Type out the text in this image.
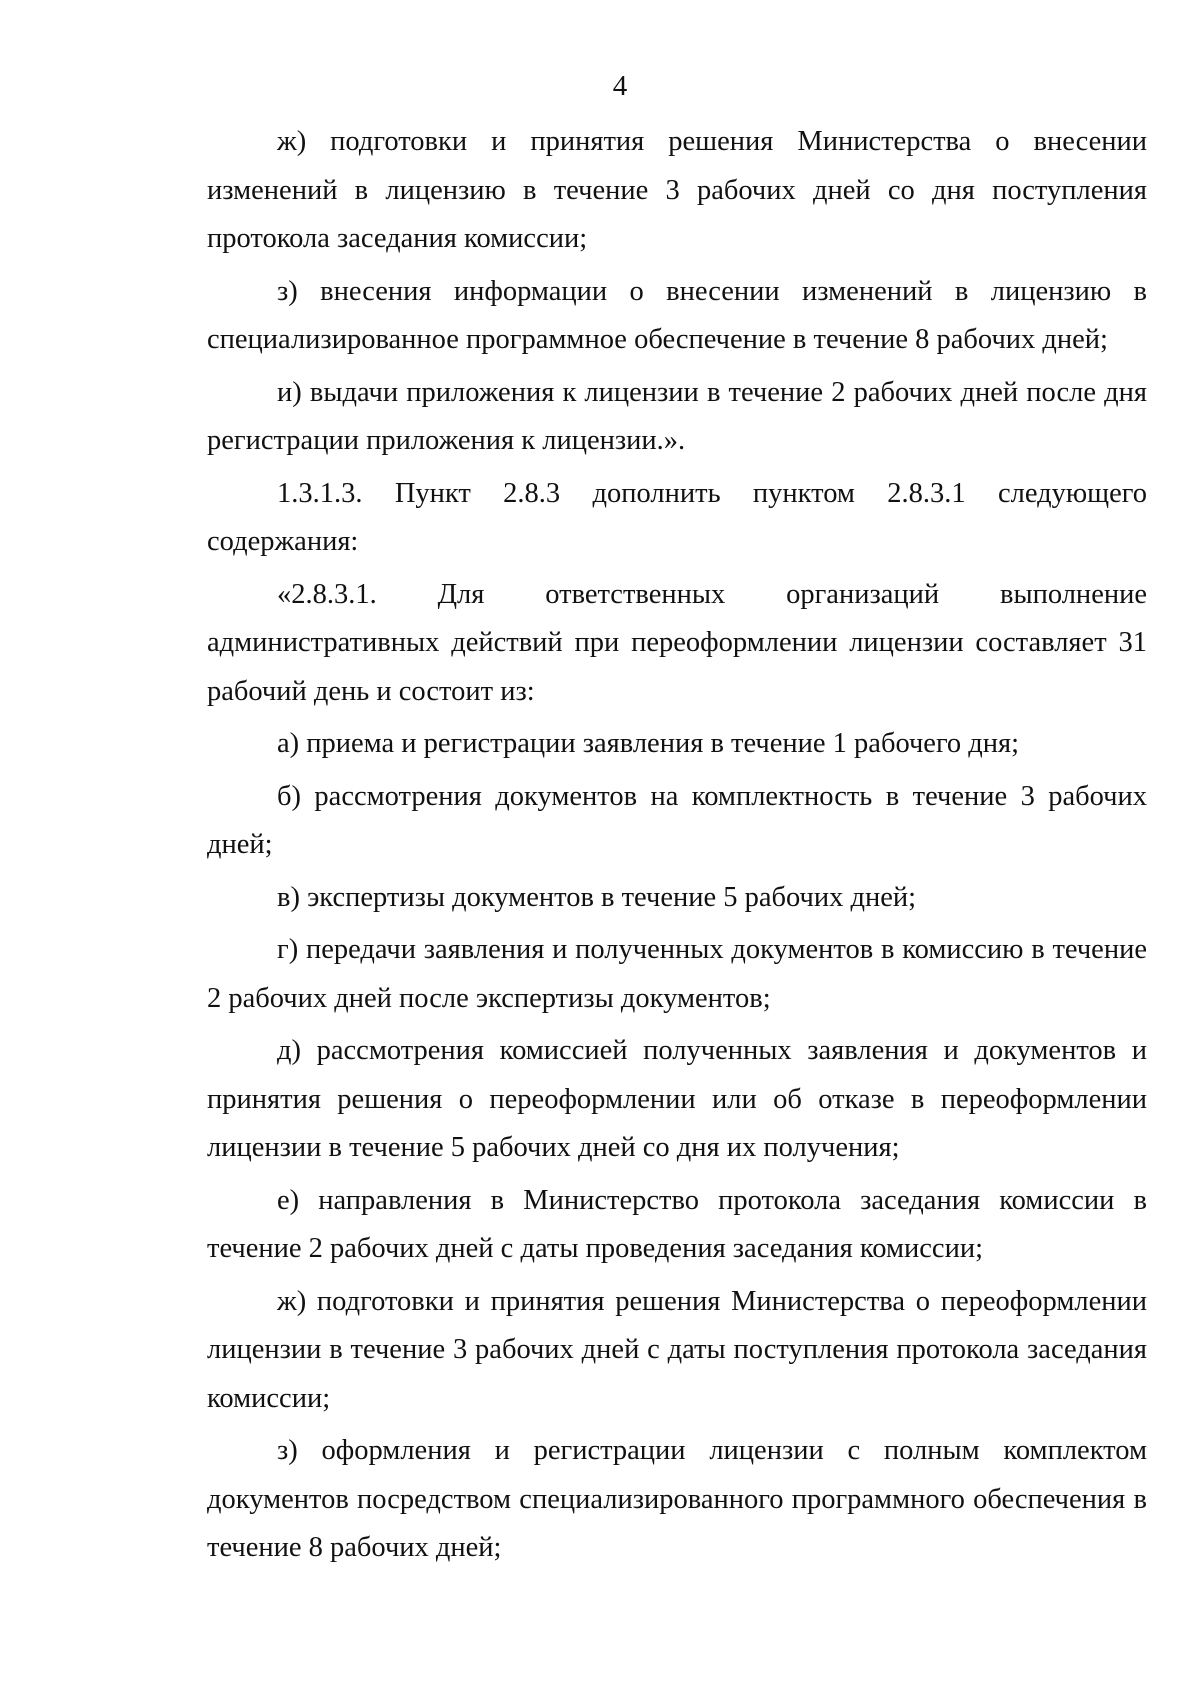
4

ж) подготовки и принятия решения Министерства о внесении изменений в лицензию в течение 3 рабочих дней со дня поступления протокола заседания комиссии;

з) внесения информации о внесении изменений в лицензию в специализированное программное обеспечение в течение 8 рабочих дней;

и) выдачи приложения к лицензии в течение 2 рабочих дней после дня регистрации приложения к лицензии.».

1.3.1.3. Пункт 2.8.3 дополнить пунктом 2.8.3.1 следующего содержания:

«2.8.3.1. Для ответственных организаций выполнение административных действий при переоформлении лицензии составляет 31 рабочий день и состоит из:

а) приема и регистрации заявления в течение 1 рабочего дня;

б) рассмотрения документов на комплектность в течение 3 рабочих дней;

в) экспертизы документов в течение 5 рабочих дней;

г) передачи заявления и полученных документов в комиссию в течение 2 рабочих дней после экспертизы документов;

д) рассмотрения комиссией полученных заявления и документов и принятия решения о переоформлении или об отказе в переоформлении лицензии в течение 5 рабочих дней со дня их получения;

е) направления в Министерство протокола заседания комиссии в течение 2 рабочих дней с даты проведения заседания комиссии;

ж) подготовки и принятия решения Министерства о переоформлении лицензии в течение 3 рабочих дней с даты поступления протокола заседания комиссии;

з) оформления и регистрации лицензии с полным комплектом документов посредством специализированного программного обеспечения в течение 8 рабочих дней;
